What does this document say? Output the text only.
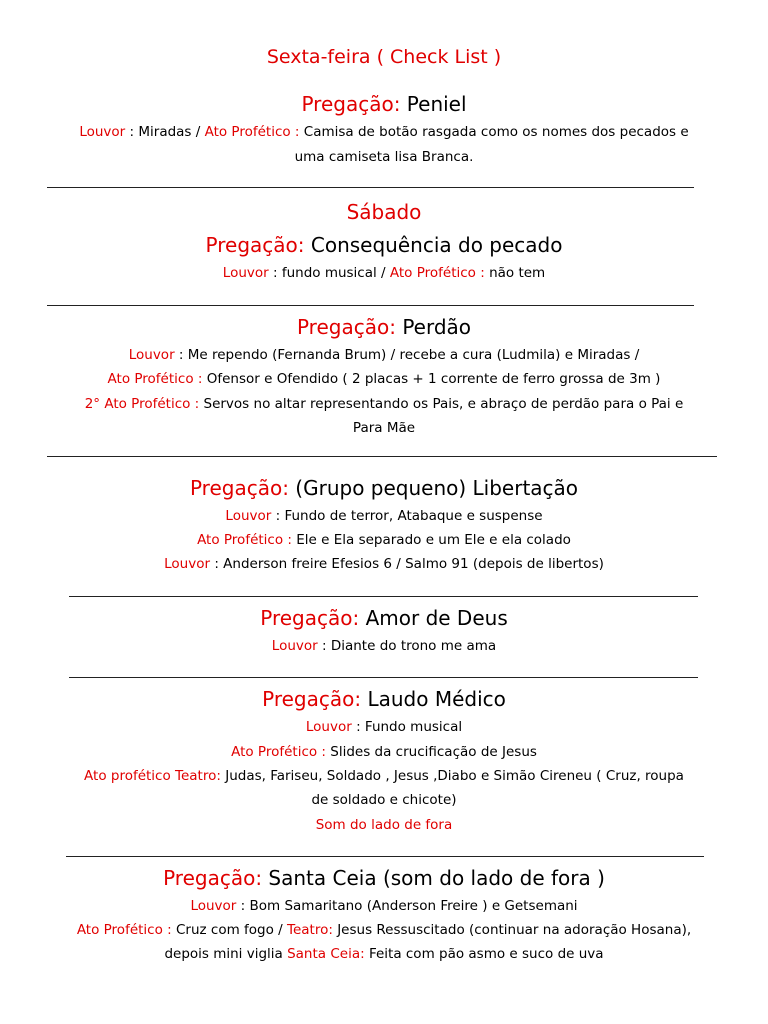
Sexta-feira ( Check List )
Pregação: Peniel
Louvor : Miradas / Ato Profético : Camisa de botão rasgada como os nomes dos pecados e
uma camiseta lisa Branca.
Sábado
Pregação: Consequência do pecado
Louvor : fundo musical / Ato Profético : não tem
Pregação: Perdão
Louvor : Me rependo (Fernanda Brum) / recebe a cura (Ludmila) e Miradas /
Ato Profético : Ofensor e Ofendido ( 2 placas + 1 corrente de ferro grossa de 3m )
2° Ato Profético : Servos no altar representando os Pais, e abraço de perdão para o Pai e
Para Mãe
Pregação: (Grupo pequeno) Libertação
Louvor : Fundo de terror, Atabaque e suspense
Ato Profético : Ele e Ela separado e um Ele e ela colado
Louvor : Anderson freire Efesios 6 / Salmo 91 (depois de libertos)
Pregação: Amor de Deus
Louvor : Diante do trono me ama
Pregação: Laudo Médico
Louvor : Fundo musical
Ato Profético : Slides da crucificação de Jesus
Ato profético Teatro: Judas, Fariseu, Soldado , Jesus ,Diabo e Simão Cireneu ( Cruz, roupa
de soldado e chicote)
Som do lado de fora
Pregação: Santa Ceia (som do lado de fora )
Louvor : Bom Samaritano (Anderson Freire ) e Getsemani
Ato Profético : Cruz com fogo / Teatro: Jesus Ressuscitado (continuar na adoração Hosana),
depois mini viglia Santa Ceia: Feita com pão asmo e suco de uva
